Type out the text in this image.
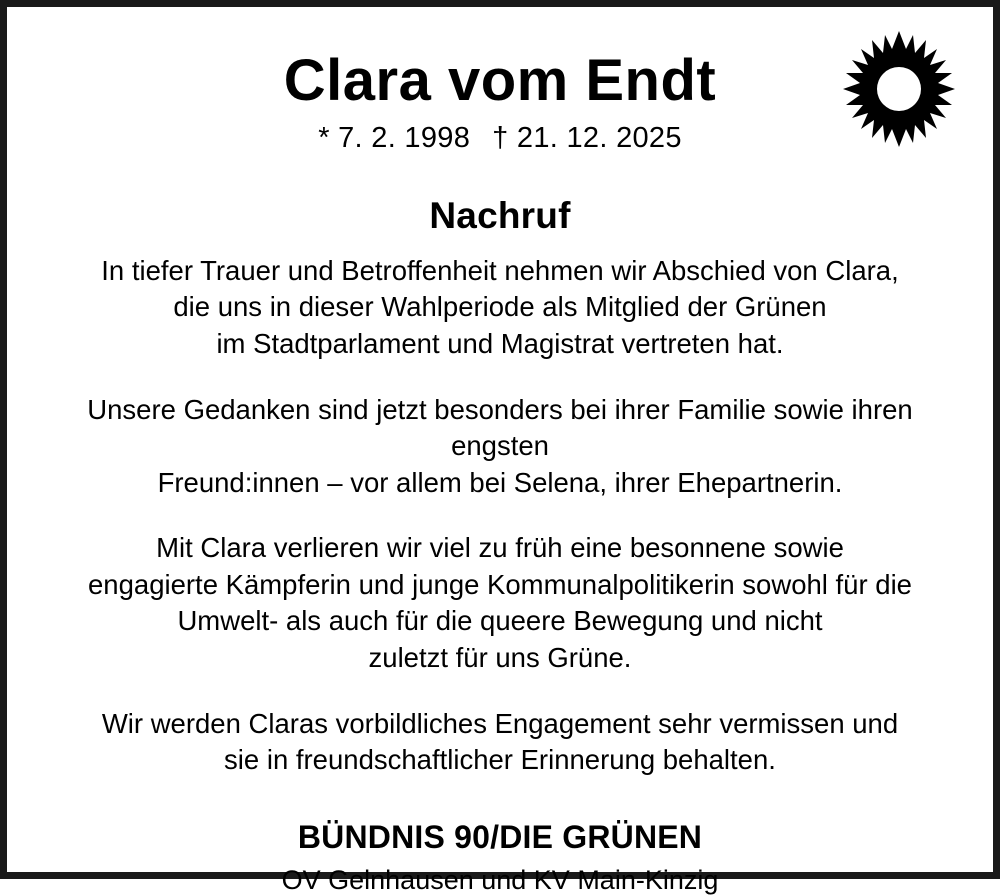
Clara vom Endt
* 7. 2. 1998 † 21. 12. 2025
Nachruf
In tiefer Trauer und Betroffenheit nehmen wir Abschied von Clara,
die uns in dieser Wahlperiode als Mitglied der Grünen
im Stadtparlament und Magistrat vertreten hat.
Unsere Gedanken sind jetzt besonders bei ihrer Familie sowie ihren engsten
Freund:innen – vor allem bei Selena, ihrer Ehepartnerin.
Mit Clara verlieren wir viel zu früh eine besonnene sowie
engagierte Kämpferin und junge Kommunalpolitikerin sowohl für die
Umwelt- als auch für die queere Bewegung und nicht
zuletzt für uns Grüne.
Wir werden Claras vorbildliches Engagement sehr vermissen und
sie in freundschaftlicher Erinnerung behalten.
BÜNDNIS 90/DIE GRÜNEN
OV Gelnhausen und KV Main-Kinzig
